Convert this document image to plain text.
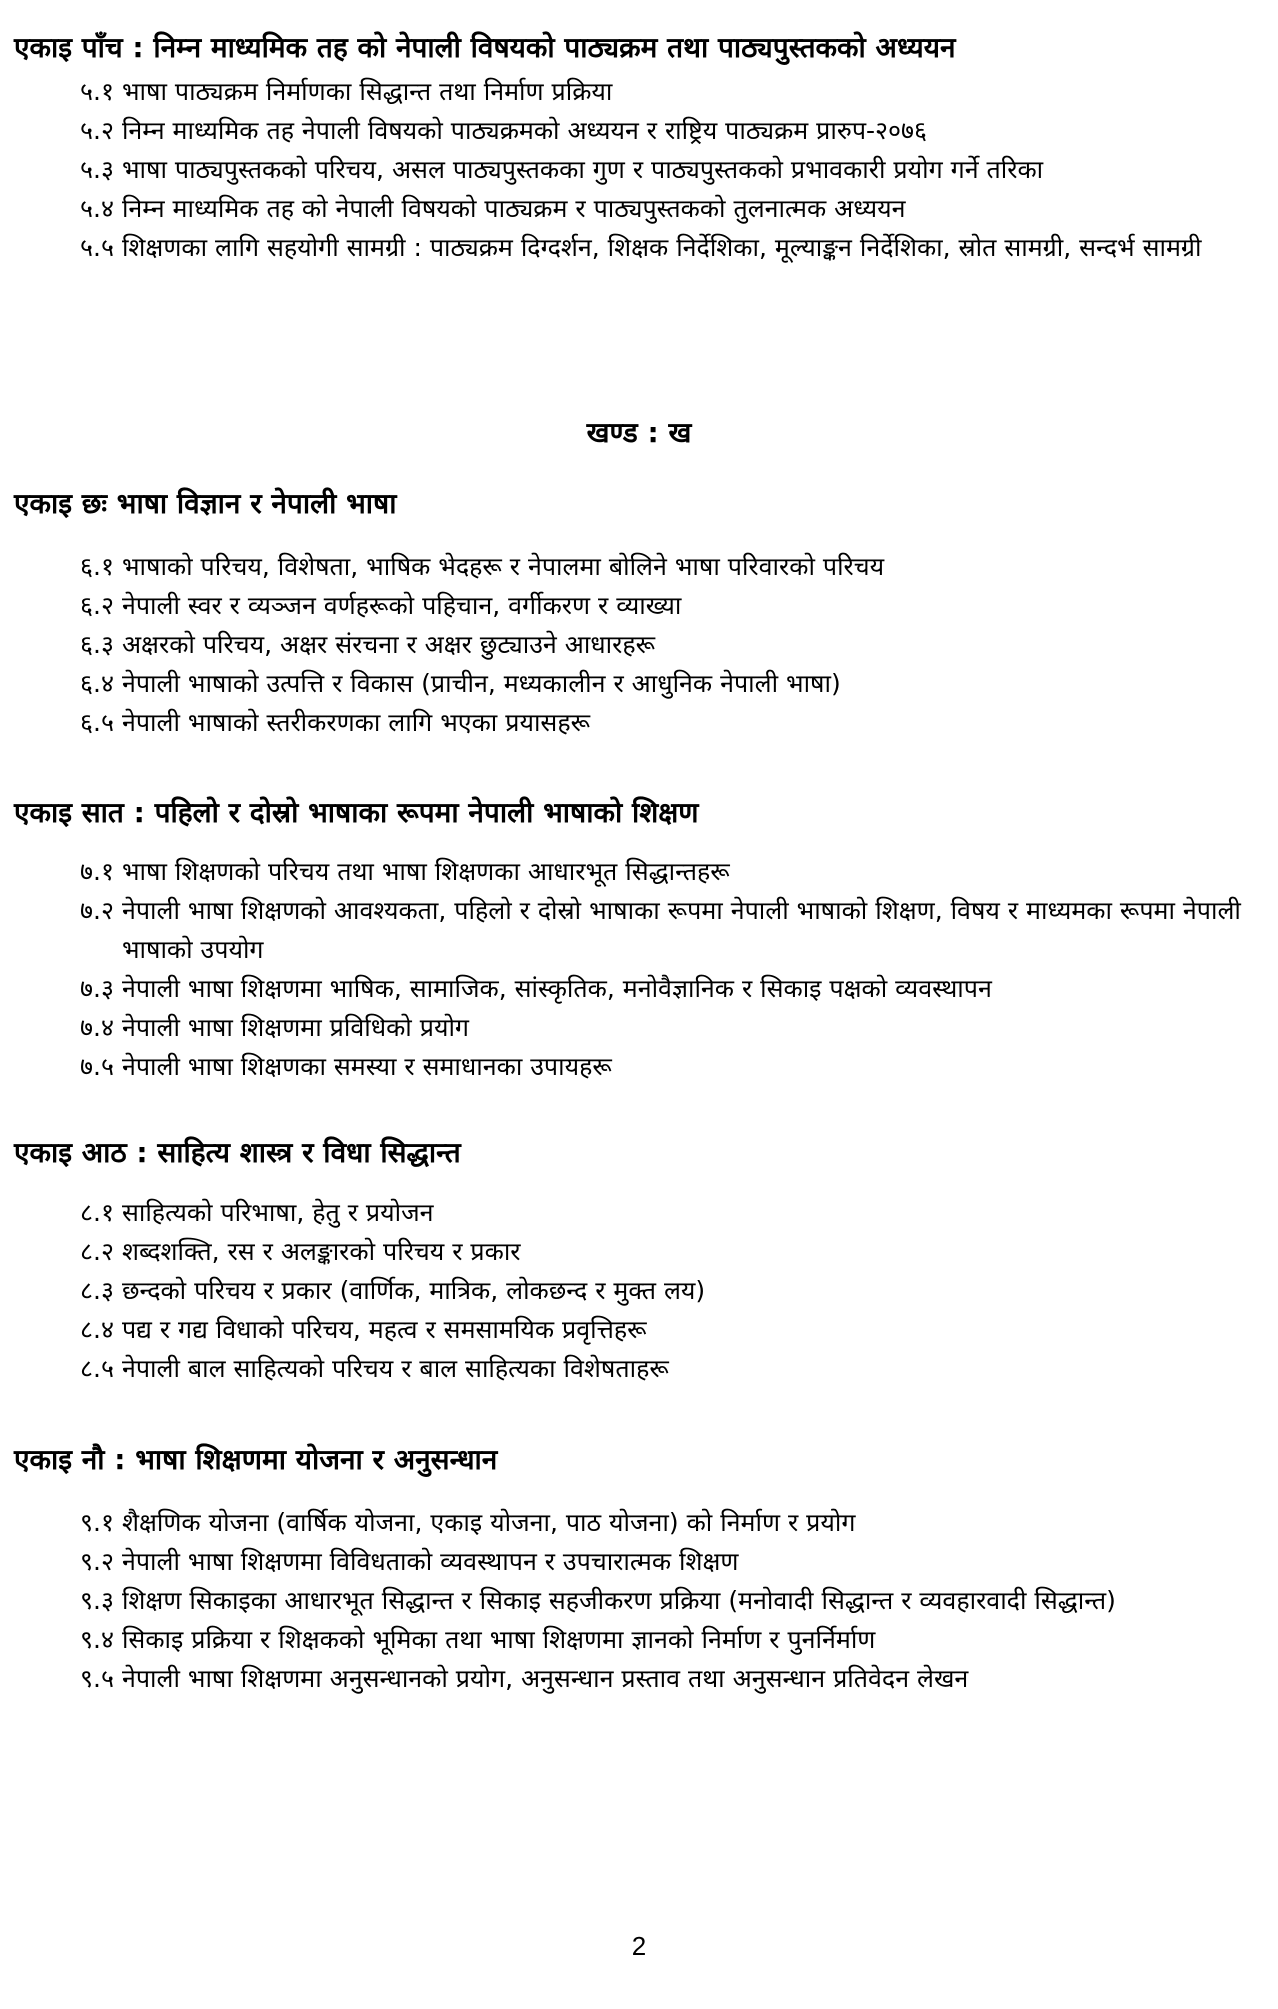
एकाइ पाँच : निम्न माध्यमिक तह को नेपाली विषयको पाठ्यक्रम तथा पाठ्यपुस्तकको अध्ययन
५.१ भाषा पाठ्यक्रम निर्माणका सिद्धान्त तथा निर्माण प्रक्रिया
५.२ निम्न माध्यमिक तह नेपाली विषयको पाठ्यक्रमको अध्ययन र राष्ट्रिय पाठ्यक्रम प्रारुप-२०७६
५.३ भाषा पाठ्यपुस्तकको परिचय, असल पाठ्यपुस्तकका गुण र पाठ्यपुस्तकको प्रभावकारी प्रयोग गर्ने तरिका
५.४ निम्न माध्यमिक तह को नेपाली विषयको पाठ्यक्रम र पाठ्यपुस्तकको तुलनात्मक अध्ययन
५.५ शिक्षणका लागि सहयोगी सामग्री : पाठ्यक्रम दिग्दर्शन, शिक्षक निर्देशिका, मूल्याङ्कन निर्देशिका, स्रोत सामग्री, सन्दर्भ सामग्री
खण्ड : ख
एकाइ छः भाषा विज्ञान र नेपाली भाषा
६.१ भाषाको परिचय, विशेषता, भाषिक भेदहरू र नेपालमा बोलिने भाषा परिवारको परिचय
६.२ नेपाली स्वर र व्यञ्जन वर्णहरूको पहिचान, वर्गीकरण र व्याख्या
६.३ अक्षरको परिचय, अक्षर संरचना र अक्षर छुट्याउने आधारहरू
६.४ नेपाली भाषाको उत्पत्ति र विकास (प्राचीन, मध्यकालीन र आधुनिक नेपाली भाषा)
६.५ नेपाली भाषाको स्तरीकरणका लागि भएका प्रयासहरू
एकाइ सात : पहिलो र दोस्रो भाषाका रूपमा नेपाली भाषाको शिक्षण
७.१ भाषा शिक्षणको परिचय तथा भाषा शिक्षणका आधारभूत सिद्धान्तहरू
७.२ नेपाली भाषा शिक्षणको आवश्यकता, पहिलो र दोस्रो भाषाका रूपमा नेपाली भाषाको शिक्षण, विषय र माध्यमका रूपमा नेपाली भाषाको उपयोग
७.३ नेपाली भाषा शिक्षणमा भाषिक, सामाजिक, सांस्कृतिक, मनोवैज्ञानिक र सिकाइ पक्षको व्यवस्थापन
७.४ नेपाली भाषा शिक्षणमा प्रविधिको प्रयोग
७.५ नेपाली भाषा शिक्षणका समस्या र समाधानका उपायहरू
एकाइ आठ : साहित्य शास्त्र र विधा सिद्धान्त
८.१ साहित्यको परिभाषा, हेतु र प्रयोजन
८.२ शब्दशक्ति, रस र अलङ्कारको परिचय र प्रकार
८.३ छन्दको परिचय र प्रकार (वार्णिक, मात्रिक, लोकछन्द र मुक्त लय)
८.४ पद्य र गद्य विधाको परिचय, महत्व र समसामयिक प्रवृत्तिहरू
८.५ नेपाली बाल साहित्यको परिचय र बाल साहित्यका विशेषताहरू
एकाइ नौ : भाषा शिक्षणमा योजना र अनुसन्धान
९.१ शैक्षणिक योजना (वार्षिक योजना, एकाइ योजना, पाठ योजना) को निर्माण र प्रयोग
९.२ नेपाली भाषा शिक्षणमा विविधताको व्यवस्थापन र उपचारात्मक शिक्षण
९.३ शिक्षण सिकाइका आधारभूत सिद्धान्त र सिकाइ सहजीकरण प्रक्रिया (मनोवादी सिद्धान्त र व्यवहारवादी सिद्धान्त)
९.४ सिकाइ प्रक्रिया र शिक्षकको भूमिका तथा भाषा शिक्षणमा ज्ञानको निर्माण र पुनर्निर्माण
९.५ नेपाली भाषा शिक्षणमा अनुसन्धानको प्रयोग, अनुसन्धान प्रस्ताव तथा अनुसन्धान प्रतिवेदन लेखन
2
